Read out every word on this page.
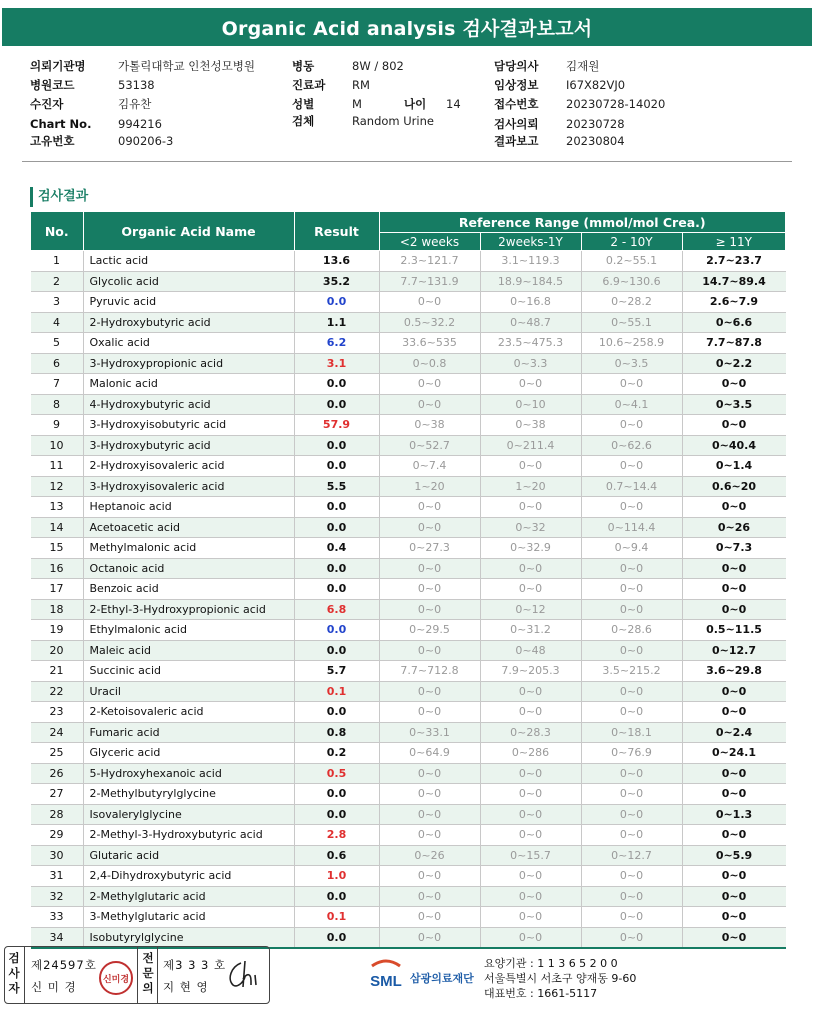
Organic Acid analysis 검사결과보고서
의뢰기관명	가톨릭대학교 인천성모병원
병원코드	53138
수진자	김유찬
Chart No. 994216
고유번호	090206-3
병동	8W / 802
진료과 RM
성별	M	나이 14
검체	Random Urine
담당의사 김재원
임상정보 I67X82VJ0
접수번호 20230728-14020
검사의뢰 20230728
결과보고 20230804
검사결과
No.	Organic Acid Name	Result	Reference Range (mmol/mol Crea.)			
			<2 weeks	2weeks-1Y	2 - 10Y	≥ 11Y
1	Lactic acid	13.6	2.3~121.7	3.1~119.3	0.2~55.1	2.7~23.7
2	Glycolic acid	35.2	7.7~131.9	18.9~184.5	6.9~130.6	14.7~89.4
3	Pyruvic acid	0.0	0~0	0~16.8	0~28.2	2.6~7.9
4	2-Hydroxybutyric acid	1.1	0.5~32.2	0~48.7	0~55.1	0~6.6
5	Oxalic acid	6.2	33.6~535	23.5~475.3	10.6~258.9	7.7~87.8
6	3-Hydroxypropionic acid	3.1	0~0.8	0~3.3	0~3.5	0~2.2
7	Malonic acid	0.0	0~0	0~0	0~0	0~0
8	4-Hydroxybutyric acid	0.0	0~0	0~10	0~4.1	0~3.5
9	3-Hydroxyisobutyric acid	57.9	0~38	0~38	0~0	0~0
10	3-Hydroxybutyric acid	0.0	0~52.7	0~211.4	0~62.6	0~40.4
11	2-Hydroxyisovaleric acid	0.0	0~7.4	0~0	0~0	0~1.4
12	3-Hydroxyisovaleric acid	5.5	1~20	1~20	0.7~14.4	0.6~20
13	Heptanoic acid	0.0	0~0	0~0	0~0	0~0
14	Acetoacetic acid	0.0	0~0	0~32	0~114.4	0~26
15	Methylmalonic acid	0.4	0~27.3	0~32.9	0~9.4	0~7.3
16	Octanoic acid	0.0	0~0	0~0	0~0	0~0
17	Benzoic acid	0.0	0~0	0~0	0~0	0~0
18	2-Ethyl-3-Hydroxypropionic acid	6.8	0~0	0~12	0~0	0~0
19	Ethylmalonic acid	0.0	0~29.5	0~31.2	0~28.6	0.5~11.5
20	Maleic acid	0.0	0~0	0~48	0~0	0~12.7
21	Succinic acid	5.7	7.7~712.8	7.9~205.3	3.5~215.2	3.6~29.8
22	Uracil	0.1	0~0	0~0	0~0	0~0
23	2-Ketoisovaleric acid	0.0	0~0	0~0	0~0	0~0
24	Fumaric acid	0.8	0~33.1	0~28.3	0~18.1	0~2.4
25	Glyceric acid	0.2	0~64.9	0~286	0~76.9	0~24.1
26	5-Hydroxyhexanoic acid	0.5	0~0	0~0	0~0	0~0
27	2-Methylbutyrylglycine	0.0	0~0	0~0	0~0	0~0
28	Isovalerylglycine	0.0	0~0	0~0	0~0	0~1.3
29	2-Methyl-3-Hydroxybutyric acid	2.8	0~0	0~0	0~0	0~0
30	Glutaric acid	0.6	0~26	0~15.7	0~12.7	0~5.9
31	2,4-Dihydroxybutyric acid	1.0	0~0	0~0	0~0	0~0
32	2-Methylglutaric acid	0.0	0~0	0~0	0~0	0~0
33	3-Methylglutaric acid	0.1	0~0	0~0	0~0	0~0
34	Isobutyrylglycine	0.0	0~0	0~0	0~0	0~0
검사자
제24597호
신 미 경
신미경
전문의
제3 3 3 호
지 현 영	SML 삼광의료재단
요양기관 : 1 1 3 6 5 2 0 0
서울특별시 서초구 양재동 9-60
대표번호 : 1661-5117
